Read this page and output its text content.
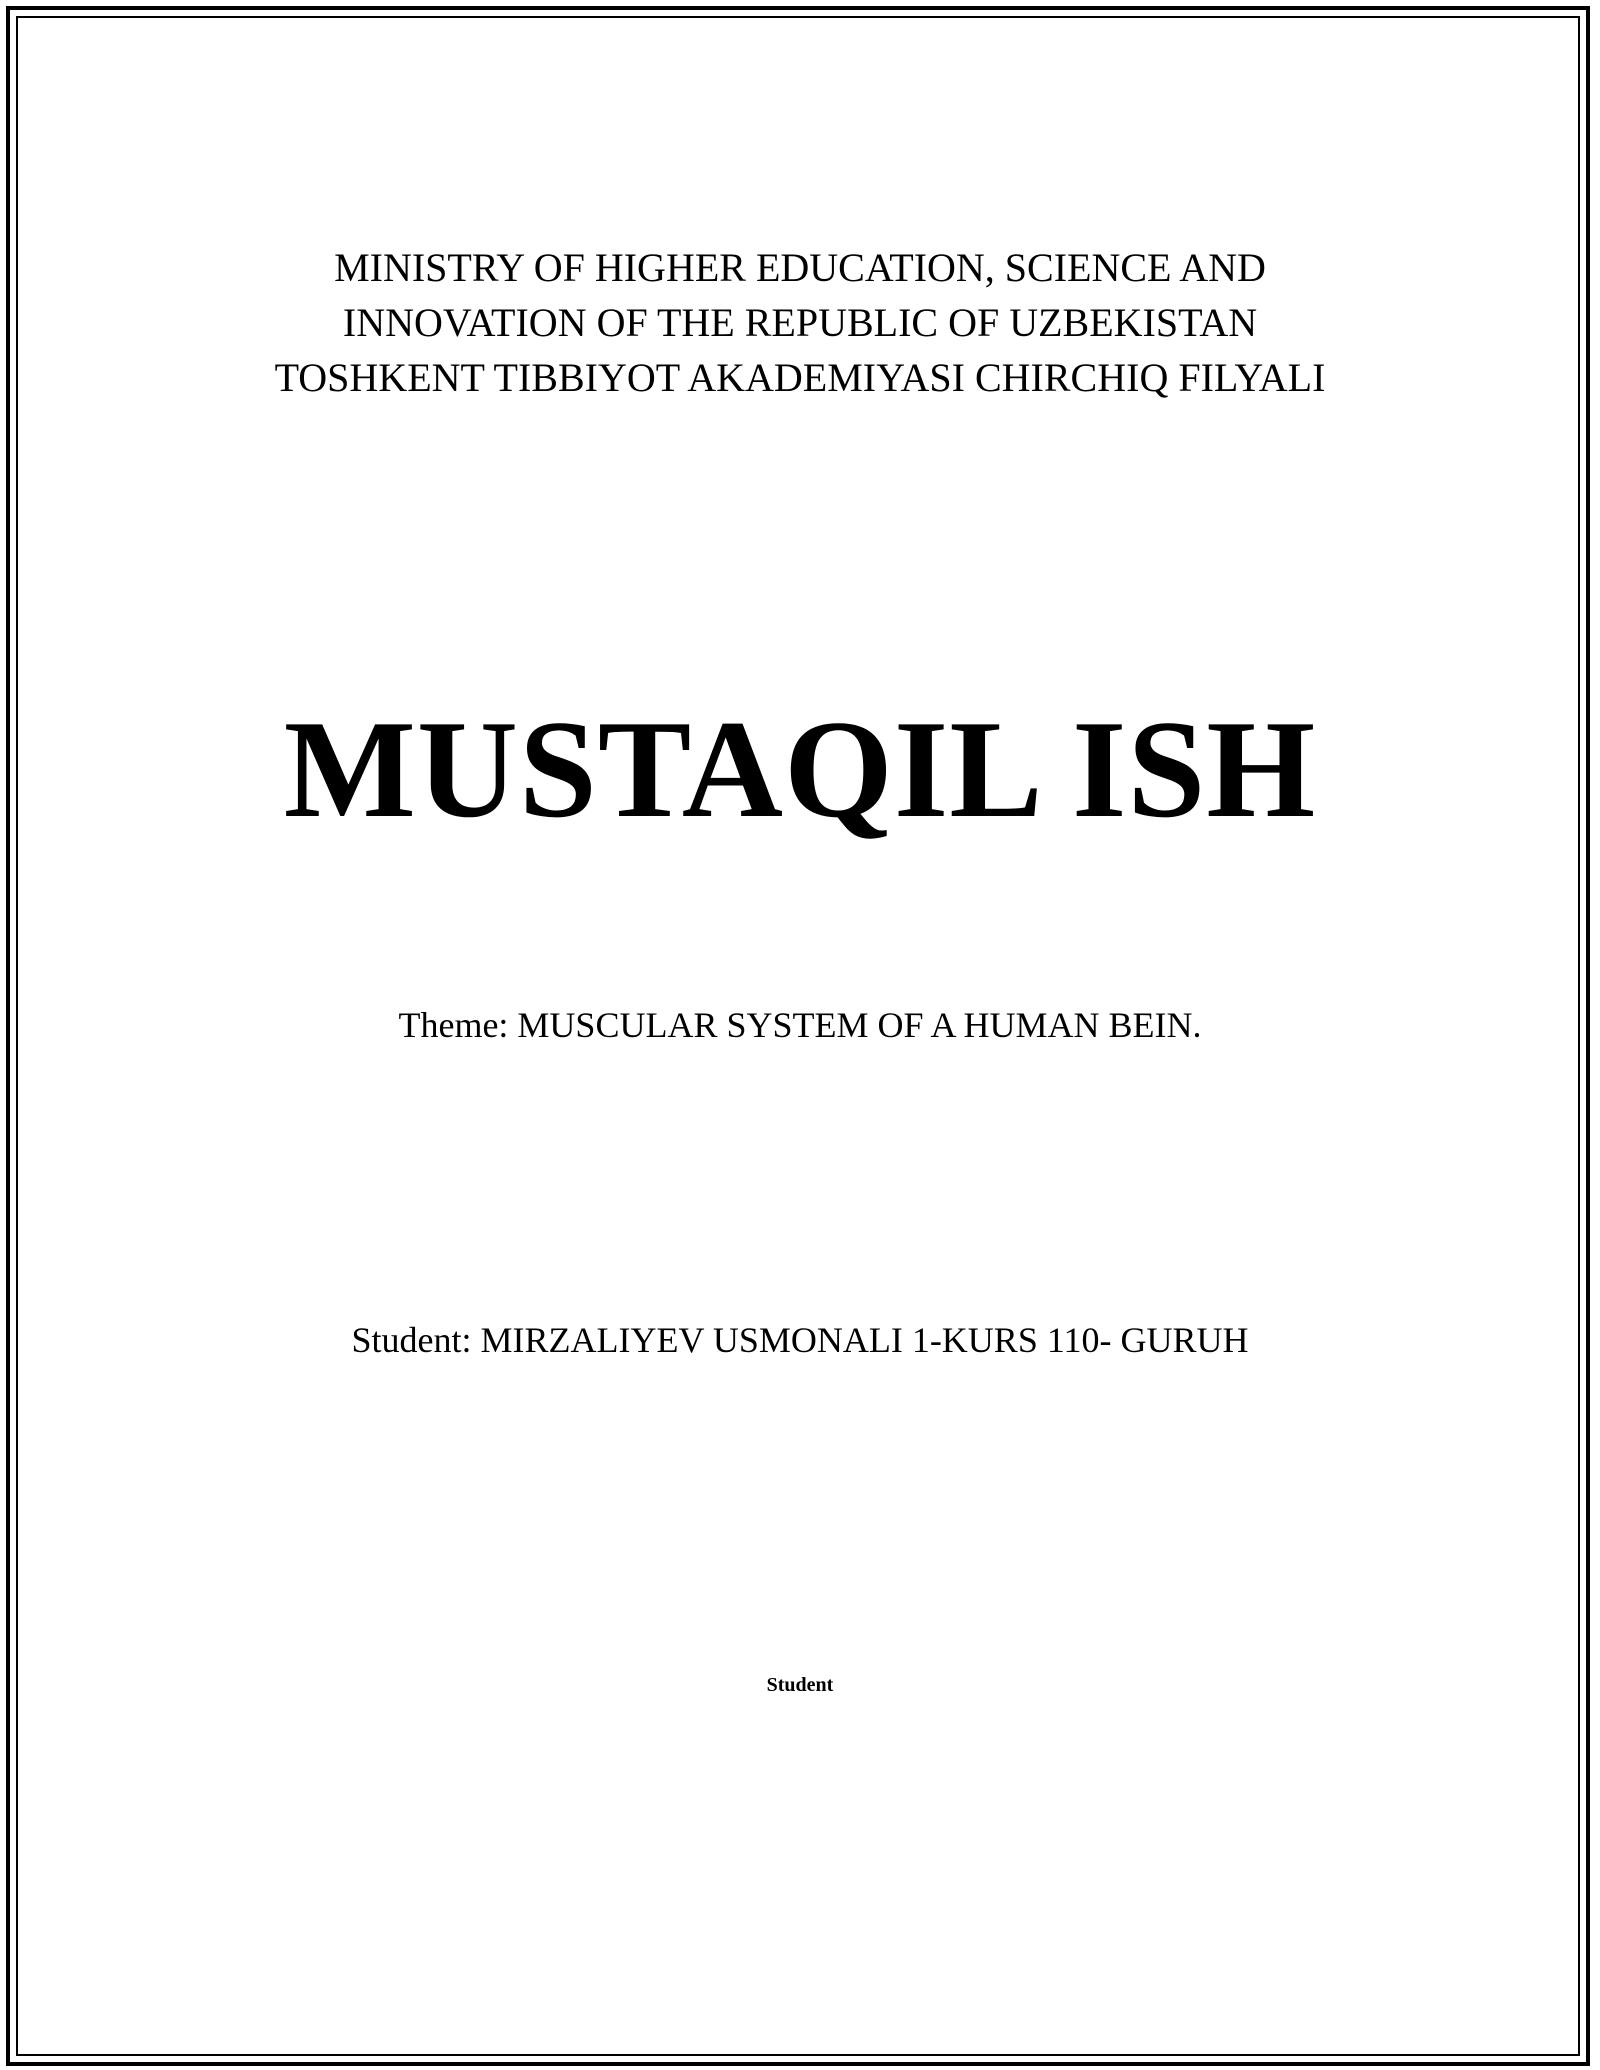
MINISTRY OF HIGHER EDUCATION, SCIENCE AND
INNOVATION OF THE REPUBLIC OF UZBEKISTAN
TOSHKENT TIBBIYOT AKADEMIYASI CHIRCHIQ FILYALI
MUSTAQIL ISH
Theme: MUSCULAR SYSTEM OF A HUMAN BEIN.
Student: MIRZALIYEV USMONALI 1-KURS 110- GURUH
Student
